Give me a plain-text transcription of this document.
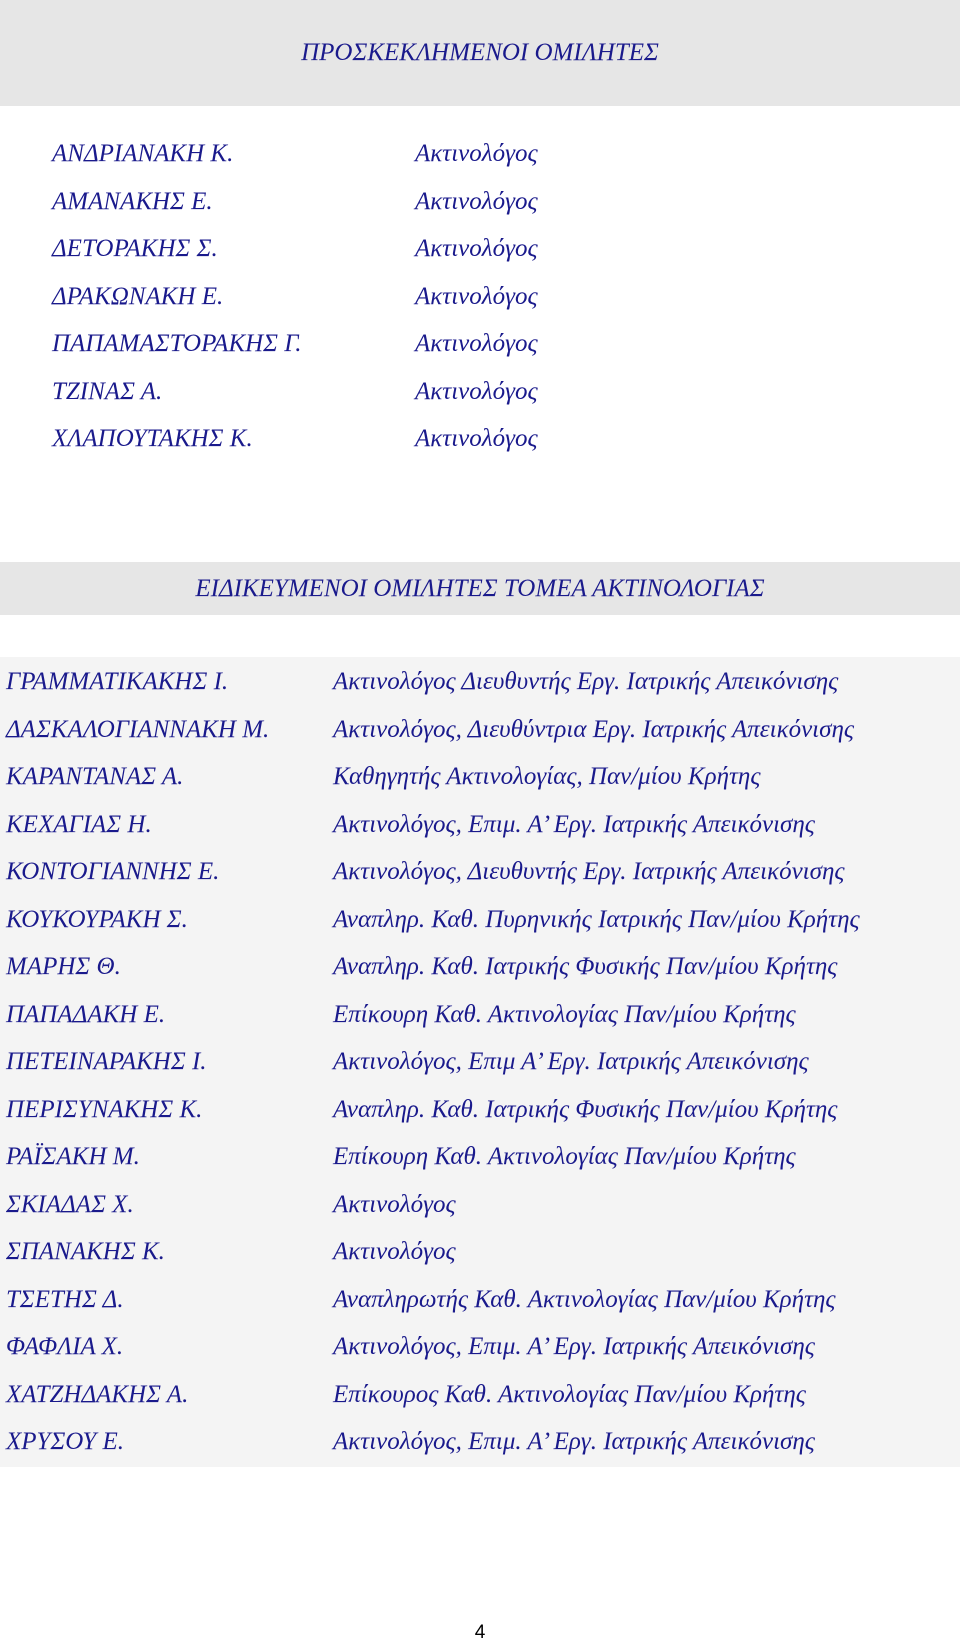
ΠΡΟΣΚΕΚΛΗΜΕΝΟΙ ΟΜΙΛΗΤΕΣ
ΑΝΔΡΙΑΝΑΚΗ Κ.	Ακτινολόγος
ΑΜΑΝΑΚΗΣ Ε.	Ακτινολόγος
ΔΕΤΟΡΑΚΗΣ Σ.	Ακτινολόγος
ΔΡΑΚΩΝΑΚΗ Ε.	Ακτινολόγος
ΠΑΠΑΜΑΣΤΟΡΑΚΗΣ Γ.	Ακτινολόγος
ΤΖΙΝΑΣ Α.	Ακτινολόγος
ΧΛΑΠΟΥΤΑΚΗΣ Κ.	Ακτινολόγος
ΕΙΔΙΚΕΥΜΕΝΟΙ ΟΜΙΛΗΤΕΣ ΤΟΜΕΑ ΑΚΤΙΝΟΛΟΓΙΑΣ
ΓΡΑΜΜΑΤΙΚΑΚΗΣ Ι.	Ακτινολόγος Διευθυντής Εργ. Ιατρικής Απεικόνισης
ΔΑΣΚΑΛΟΓΙΑΝΝΑΚΗ Μ.	Ακτινολόγος, Διευθύντρια Εργ. Ιατρικής Απεικόνισης
ΚΑΡΑΝΤΑΝΑΣ Α.	Καθηγητής Ακτινολογίας, Παν/μίου Κρήτης
ΚΕΧΑΓΙΑΣ Η.	Ακτινολόγος, Επιμ. Α’ Εργ. Ιατρικής Απεικόνισης
ΚΟΝΤΟΓΙΑΝΝΗΣ Ε.	Ακτινολόγος, Διευθυντής Εργ. Ιατρικής Απεικόνισης
ΚΟΥΚΟΥΡΑΚΗ Σ.	Αναπληρ. Καθ. Πυρηνικής Ιατρικής Παν/μίου Κρήτης
ΜΑΡΗΣ Θ.	Αναπληρ. Καθ. Ιατρικής Φυσικής Παν/μίου Κρήτης
ΠΑΠΑΔΑΚΗ Ε.	Επίκουρη Καθ. Ακτινολογίας Παν/μίου Κρήτης
ΠΕΤΕΙΝΑΡΑΚΗΣ Ι.	Ακτινολόγος, Επιμ Α’ Εργ. Ιατρικής Απεικόνισης
ΠΕΡΙΣΥΝΑΚΗΣ Κ.	Αναπληρ. Καθ. Ιατρικής Φυσικής Παν/μίου Κρήτης
ΡΑΪΣΑΚΗ Μ.	Επίκουρη Καθ. Ακτινολογίας Παν/μίου Κρήτης
ΣΚΙΑΔΑΣ Χ.	Ακτινολόγος
ΣΠΑΝΑΚΗΣ Κ.	Ακτινολόγος
ΤΣΕΤΗΣ Δ.	Αναπληρωτής Καθ. Ακτινολογίας Παν/μίου Κρήτης
ΦΑΦΛΙΑ Χ.	Ακτινολόγος, Επιμ. Α’ Εργ. Ιατρικής Απεικόνισης
ΧΑΤΖΗΔΑΚΗΣ Α.	Επίκουρος Καθ. Ακτινολογίας Παν/μίου Κρήτης
ΧΡΥΣΟΥ Ε.	Ακτινολόγος, Επιμ. Α’ Εργ. Ιατρικής Απεικόνισης
4
